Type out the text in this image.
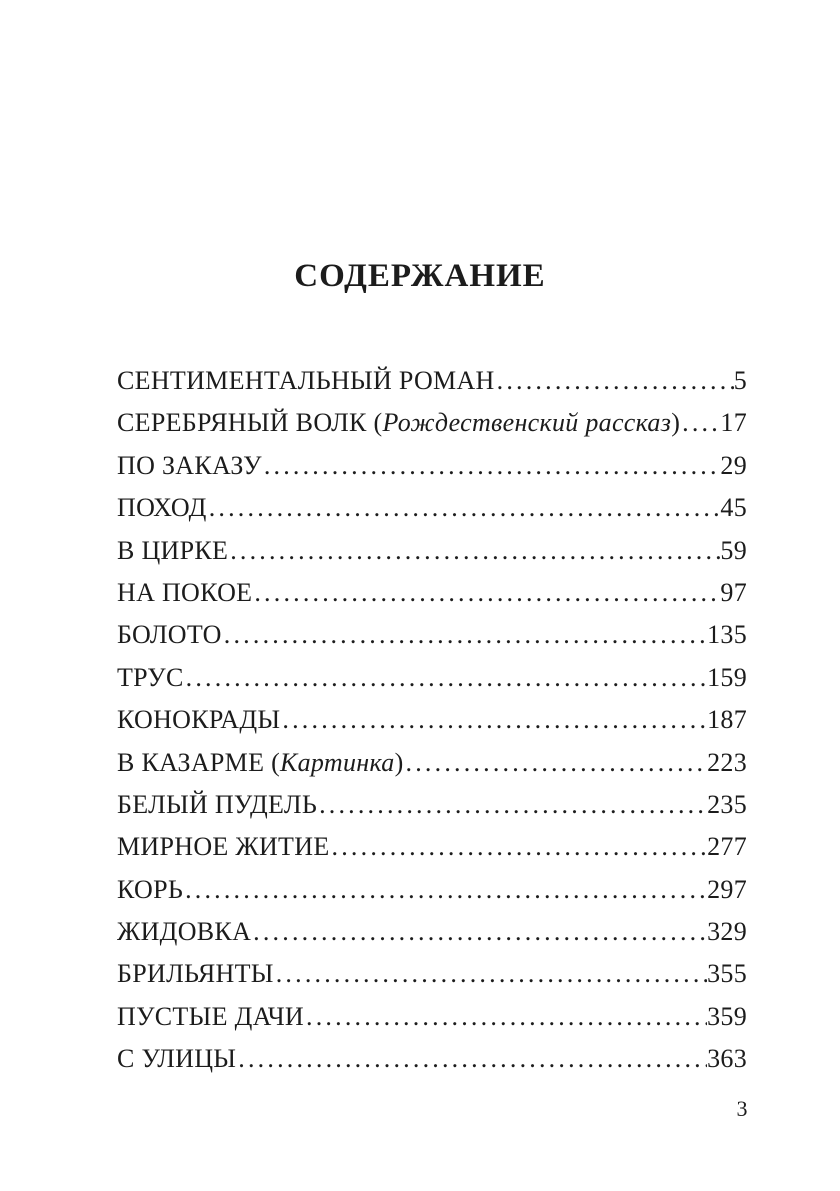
СОДЕРЖАНИЕ
СЕНТИМЕНТАЛЬНЫЙ РОМАН .....	5
СЕРЕБРЯНЫЙ ВОЛК (Рождественский рассказ) ..... 17
ПО ЗАКАЗУ .....	29
ПОХОД .....	45
В ЦИРКЕ .....	59
НА ПОКОЕ .....	97
БОЛОТО .....	135
ТРУС .....	159
КОНОКРАДЫ .....	187
В КАЗАРМЕ (Картинка) .....	223
БЕЛЫЙ ПУДЕЛЬ .....	235
МИРНОЕ ЖИТИЕ .....	277
КОРЬ .....	297
ЖИДОВКА .....	329
БРИЛЬЯНТЫ .....	355
ПУСТЫЕ ДАЧИ .....	359
С УЛИЦЫ .....	363

3
